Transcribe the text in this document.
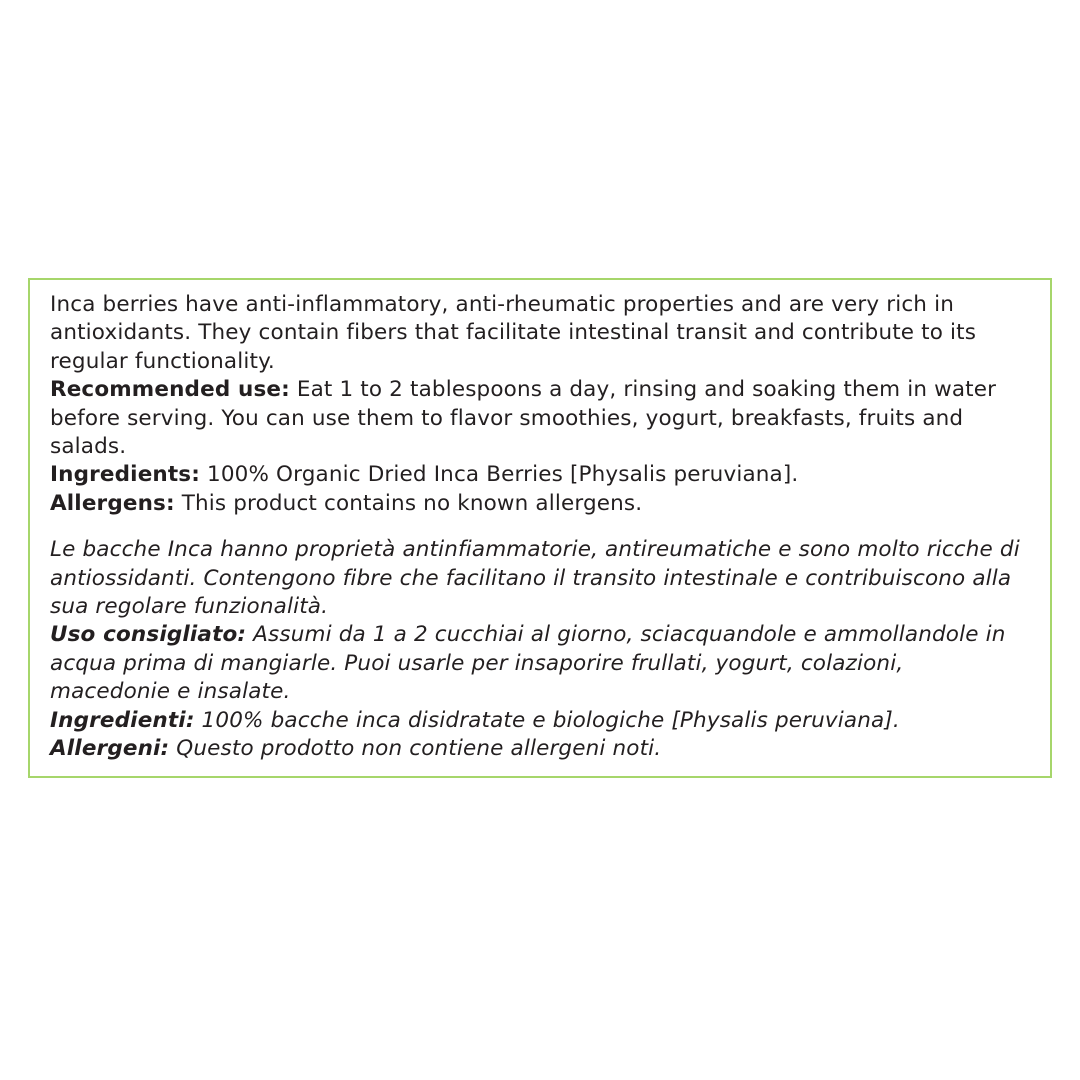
Inca berries have anti-inflammatory, anti-rheumatic properties and are very rich in antioxidants. They contain fibers that facilitate intestinal transit and contribute to its regular functionality.

Recommended use: Eat 1 to 2 tablespoons a day, rinsing and soaking them in water before serving. You can use them to flavor smoothies, yogurt, breakfasts, fruits and salads.

Ingredients: 100% Organic Dried Inca Berries [Physalis peruviana].

Allergens: This product contains no known allergens.

Le bacche Inca hanno proprietà antinfiammatorie, antireumatiche e sono molto ricche di antiossidanti. Contengono fibre che facilitano il transito intestinale e contribuiscono alla sua regolare funzionalità.

Uso consigliato: Assumi da 1 a 2 cucchiai al giorno, sciacquandole e ammollandole in acqua prima di mangiarle. Puoi usarle per insaporire frullati, yogurt, colazioni, macedonie e insalate.

Ingredienti: 100% bacche inca disidratate e biologiche [Physalis peruviana].

Allergeni: Questo prodotto non contiene allergeni noti.
